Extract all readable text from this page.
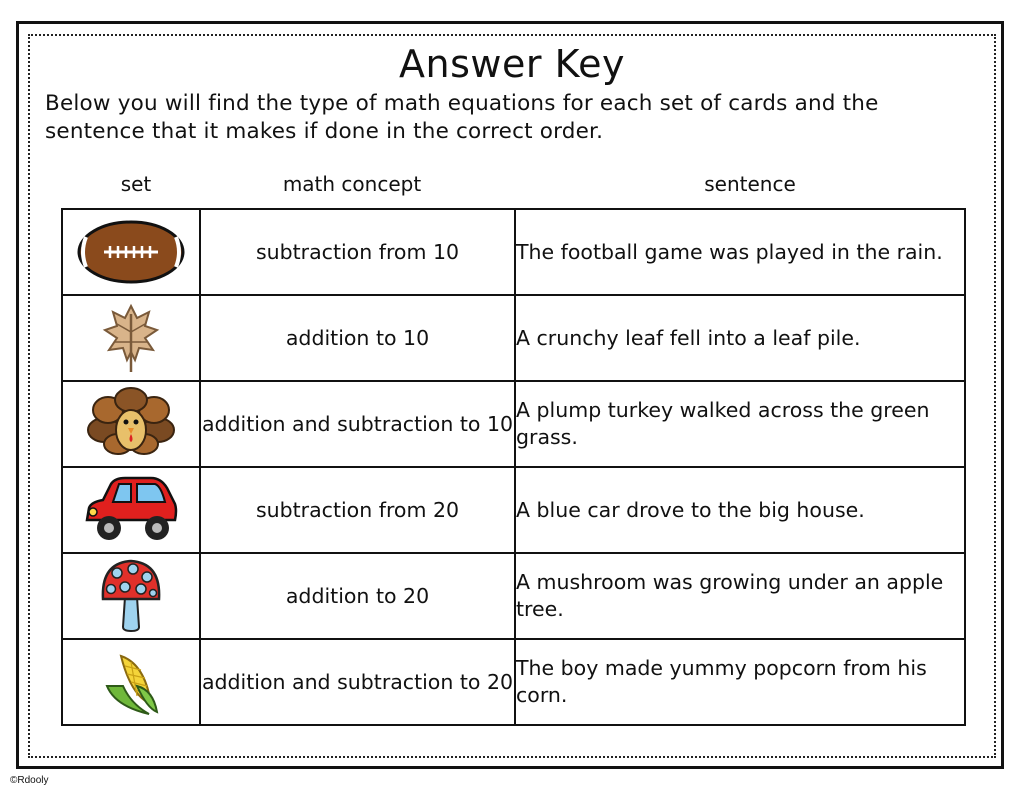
Answer Key
Below you will find the type of math equations for each set of cards and the sentence that it makes if done in the correct order.
set	math concept	sentence
	subtraction from 10	The football game was played in the rain.

	addition to 10	A crunchy leaf fell into a leaf pile.

	addition and subtraction to 10	A plump turkey walked across the green grass.

	subtraction from 20	A blue car drove to the big house.

	addition to 20	A mushroom was growing under an apple tree.

	addition and subtraction to 20	The boy made yummy popcorn from his corn.
©Rdooly
